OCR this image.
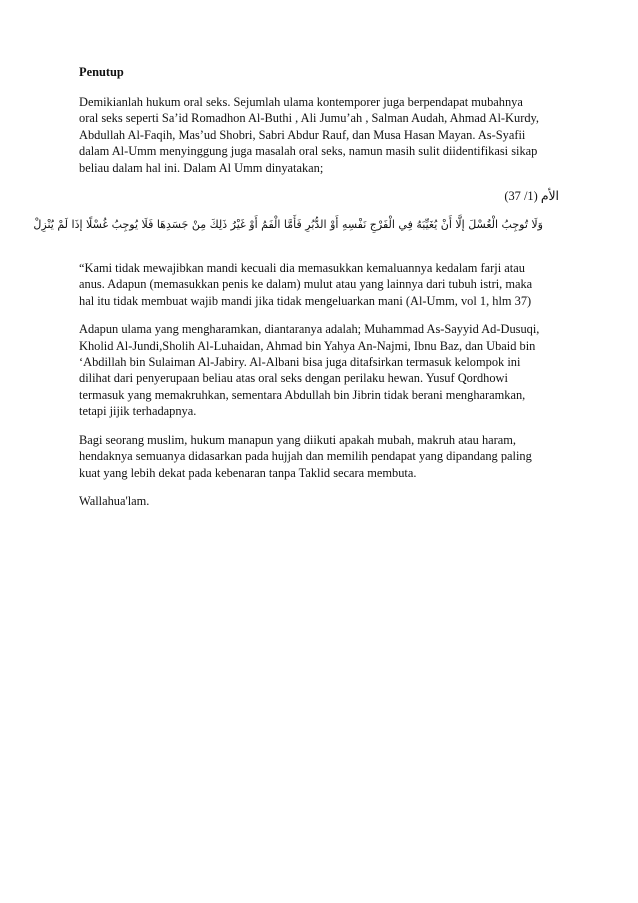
Penutup
Demikianlah hukum oral seks. Sejumlah ulama kontemporer juga berpendapat mubahnya
oral seks seperti Sa’id Romadhon Al-Buthi , Ali Jumu’ah , Salman Audah, Ahmad Al-Kurdy,
Abdullah Al-Faqih, Mas’ud Shobri, Sabri Abdur Rauf, dan Musa Hasan Mayan. As-Syafii
dalam Al-Umm menyinggung juga masalah oral seks, namun masih sulit diidentifikasi sikap
beliau dalam hal ini. Dalam Al Umm dinyatakan;
الأم (1/ 37)
وَلَا تُوجِبُ الْغُسْلَ إلَّا أَنْ يُغَيِّبَهُ فِي الْفَرْجِ نَفْسِهِ أَوْ الدُّبُرِ فَأَمَّا الْفَمُ أَوْ غَيْرُ ذَلِكَ مِنْ جَسَدِهَا فَلَا يُوجِبُ غُسْلًا إذَا لَمْ يُنْزِلْ
“Kami tidak mewajibkan mandi kecuali dia memasukkan kemaluannya kedalam farji atau
anus. Adapun (memasukkan penis ke dalam) mulut atau yang lainnya dari tubuh istri, maka
hal itu tidak membuat wajib mandi jika tidak mengeluarkan mani (Al-Umm, vol 1, hlm 37)
Adapun ulama yang mengharamkan, diantaranya adalah; Muhammad As-Sayyid Ad-Dusuqi,
Kholid Al-Jundi,Sholih Al-Luhaidan, Ahmad bin Yahya An-Najmi, Ibnu Baz, dan Ubaid bin
‘Abdillah bin Sulaiman Al-Jabiry. Al-Albani bisa juga ditafsirkan termasuk kelompok ini
dilihat dari penyerupaan beliau atas oral seks dengan perilaku hewan. Yusuf Qordhowi
termasuk yang memakruhkan, sementara Abdullah bin Jibrin tidak berani mengharamkan,
tetapi jijik terhadapnya.
Bagi seorang muslim, hukum manapun yang diikuti apakah mubah, makruh atau haram,
hendaknya semuanya didasarkan pada hujjah dan memilih pendapat yang dipandang paling
kuat yang lebih dekat pada kebenaran tanpa Taklid secara membuta.
Wallahua'lam.
